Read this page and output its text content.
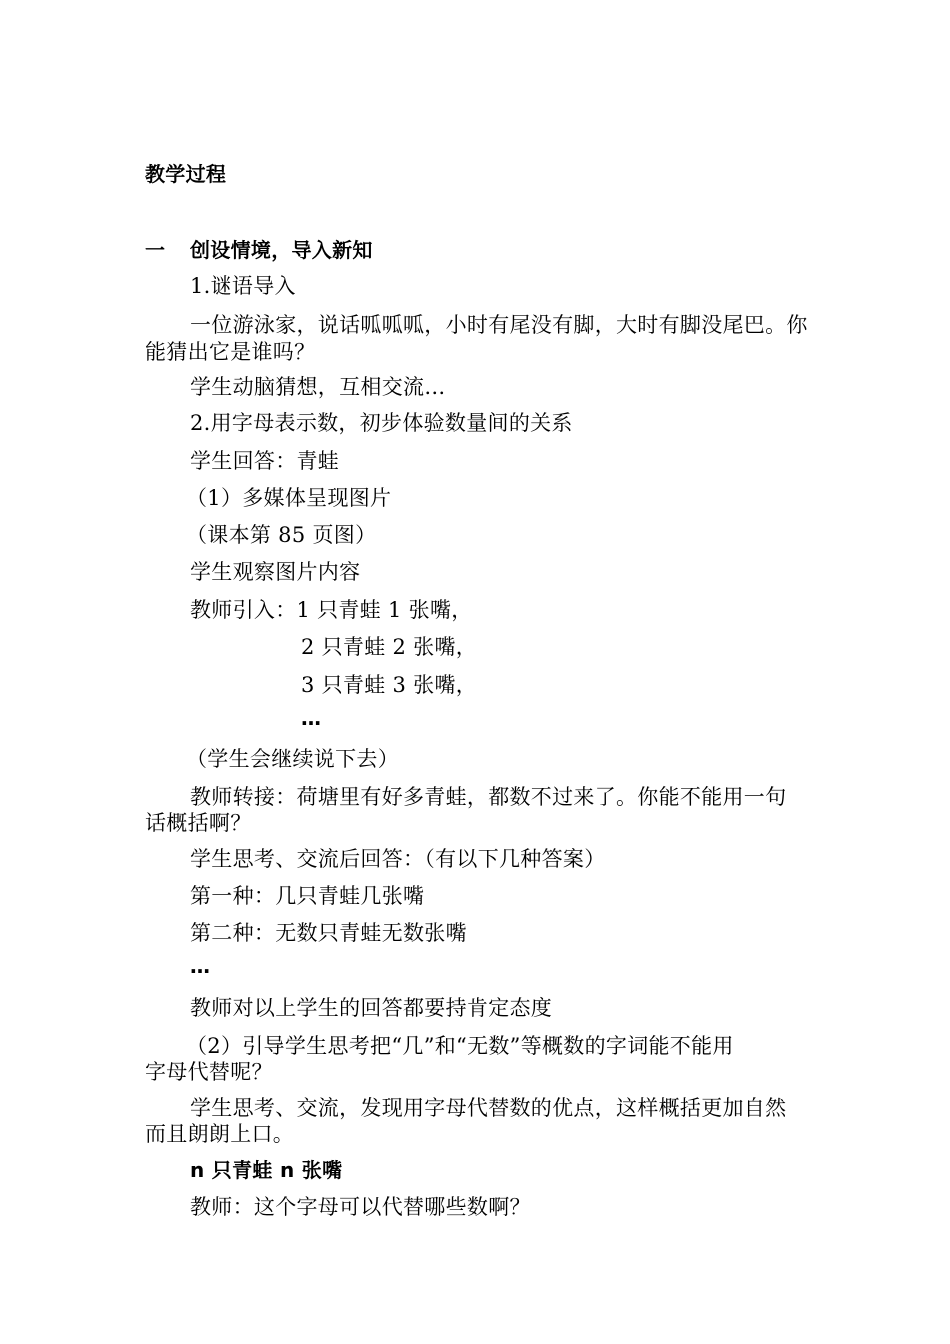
教学过程
一 创设情境，导入新知
1.谜语导入
一位游泳家，说话呱呱呱，小时有尾没有脚，大时有脚没尾巴。你
能猜出它是谁吗？
学生动脑猜想，互相交流…
2.用字母表示数，初步体验数量间的关系
学生回答：青蛙
（1）多媒体呈现图片
（课本第 85 页图）
学生观察图片内容
教师引入：1 只青蛙 1 张嘴，
2 只青蛙 2 张嘴，
3 只青蛙 3 张嘴，
…
（学生会继续说下去）
教师转接：荷塘里有好多青蛙，都数不过来了。你能不能用一句
话概括啊？
学生思考、交流后回答：（有以下几种答案）
第一种：几只青蛙几张嘴
第二种：无数只青蛙无数张嘴
…
教师对以上学生的回答都要持肯定态度
（2）引导学生思考把“几”和“无数”等概数的字词能不能用
字母代替呢？
学生思考、交流，发现用字母代替数的优点，这样概括更加自然
而且朗朗上口。
n 只青蛙 n 张嘴
教师：这个字母可以代替哪些数啊？
